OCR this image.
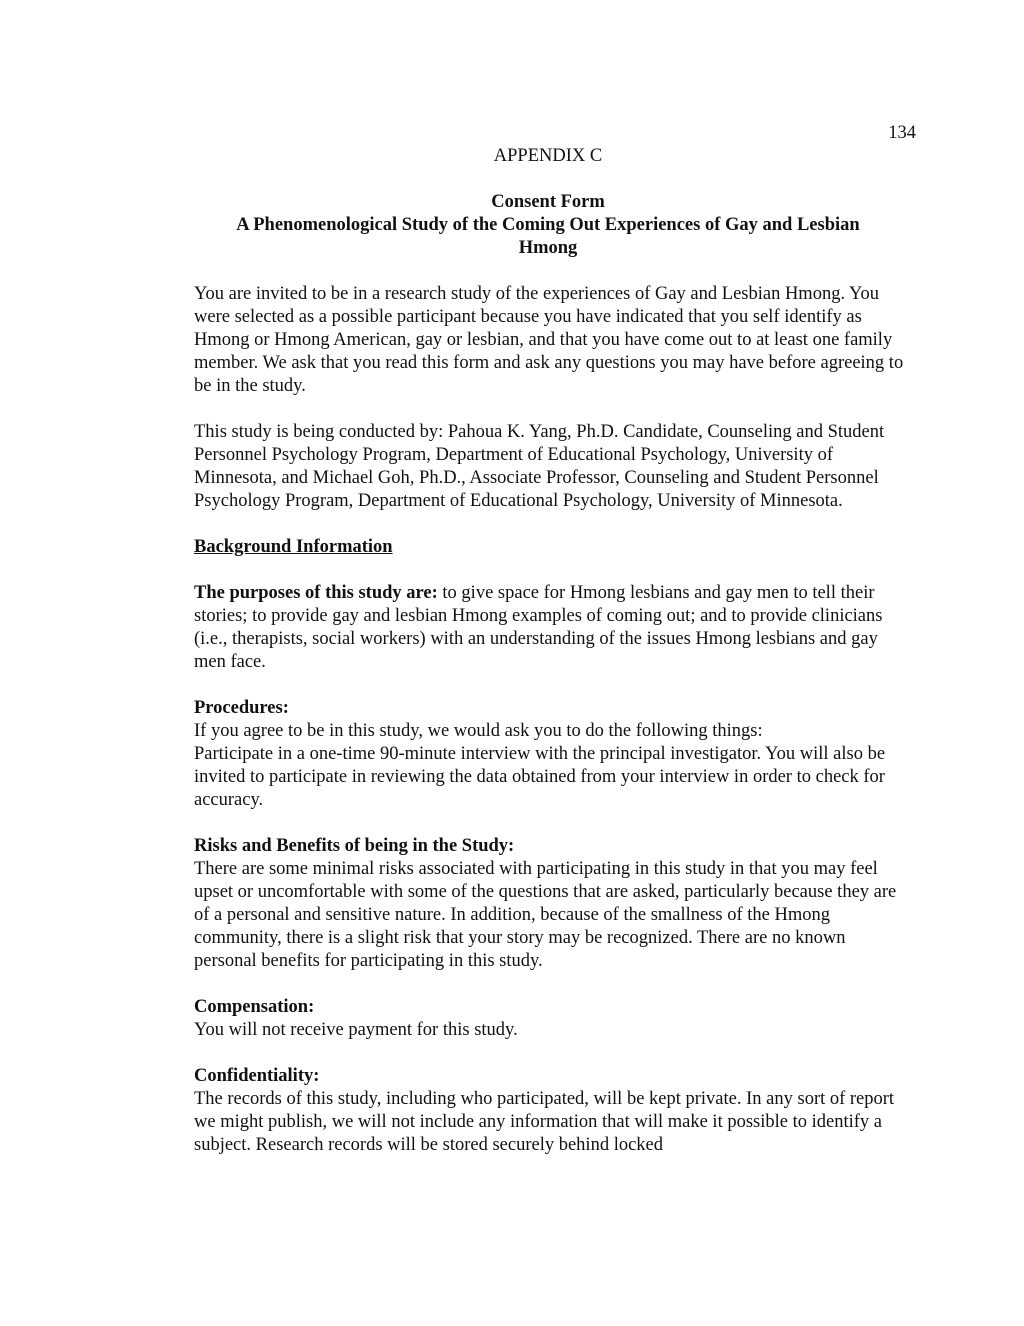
134
APPENDIX C
Consent Form
A Phenomenological Study of the Coming Out Experiences of Gay and Lesbian
Hmong

You are invited to be in a research study of the experiences of Gay and Lesbian Hmong. You were selected as a possible participant because you have indicated that you self identify as Hmong or Hmong American, gay or lesbian, and that you have come out to at least one family member. We ask that you read this form and ask any questions you may have before agreeing to be in the study.

This study is being conducted by: Pahoua K. Yang, Ph.D. Candidate, Counseling and Student Personnel Psychology Program, Department of Educational Psychology, University of Minnesota, and Michael Goh, Ph.D., Associate Professor, Counseling and Student Personnel Psychology Program, Department of Educational Psychology, University of Minnesota.

Background Information

The purposes of this study are: to give space for Hmong lesbians and gay men to tell their stories; to provide gay and lesbian Hmong examples of coming out; and to provide clinicians (i.e., therapists, social workers) with an understanding of the issues Hmong lesbians and gay men face.

Procedures:

If you agree to be in this study, we would ask you to do the following things:

Participate in a one-time 90-minute interview with the principal investigator. You will also be invited to participate in reviewing the data obtained from your interview in order to check for accuracy.

Risks and Benefits of being in the Study:

There are some minimal risks associated with participating in this study in that you may feel upset or uncomfortable with some of the questions that are asked, particularly because they are of a personal and sensitive nature. In addition, because of the smallness of the Hmong community, there is a slight risk that your story may be recognized. There are no known personal benefits for participating in this study.

Compensation:

You will not receive payment for this study.

Confidentiality:

The records of this study, including who participated, will be kept private. In any sort of report we might publish, we will not include any information that will make it possible to identify a subject. Research records will be stored securely behind locked
